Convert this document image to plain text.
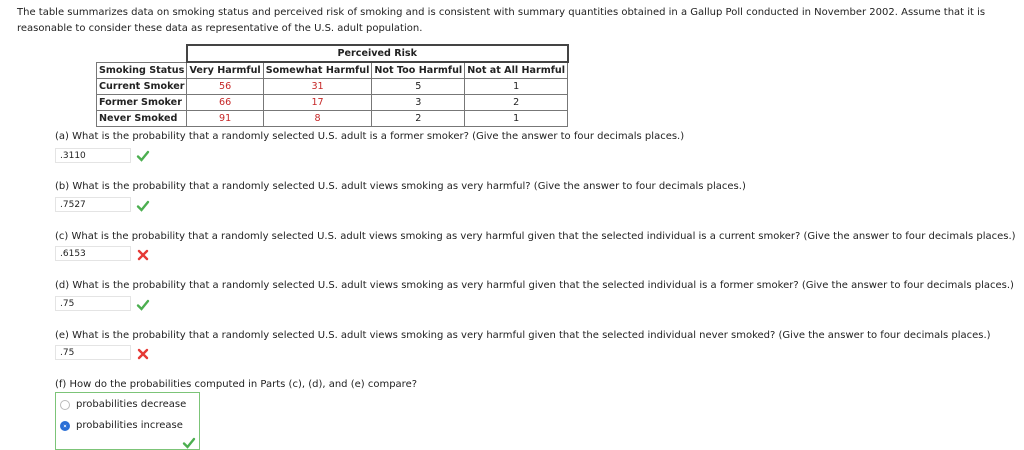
The table summarizes data on smoking status and perceived risk of smoking and is consistent with summary quantities obtained in a Gallup Poll conducted in November 2002. Assume that it is reasonable to consider these data as representative of the U.S. adult population.
	Perceived Risk			
Smoking Status	Very Harmful	Somewhat Harmful	Not Too Harmful	Not at All Harmful
Current Smoker	56	31	5	1
Former Smoker	66	17	3	2
Never Smoked	91	8	2	1
(a) What is the probability that a randomly selected U.S. adult is a former smoker? (Give the answer to four decimals places.)
.3110
(b) What is the probability that a randomly selected U.S. adult views smoking as very harmful? (Give the answer to four decimals places.)
.7527
(c) What is the probability that a randomly selected U.S. adult views smoking as very harmful given that the selected individual is a current smoker? (Give the answer to four decimals places.)
.6153
(d) What is the probability that a randomly selected U.S. adult views smoking as very harmful given that the selected individual is a former smoker? (Give the answer to four decimals places.)
.75
(e) What is the probability that a randomly selected U.S. adult views smoking as very harmful given that the selected individual never smoked? (Give the answer to four decimals places.)
.75
(f) How do the probabilities computed in Parts (c), (d), and (e) compare?
probabilities decrease
probabilities increase
